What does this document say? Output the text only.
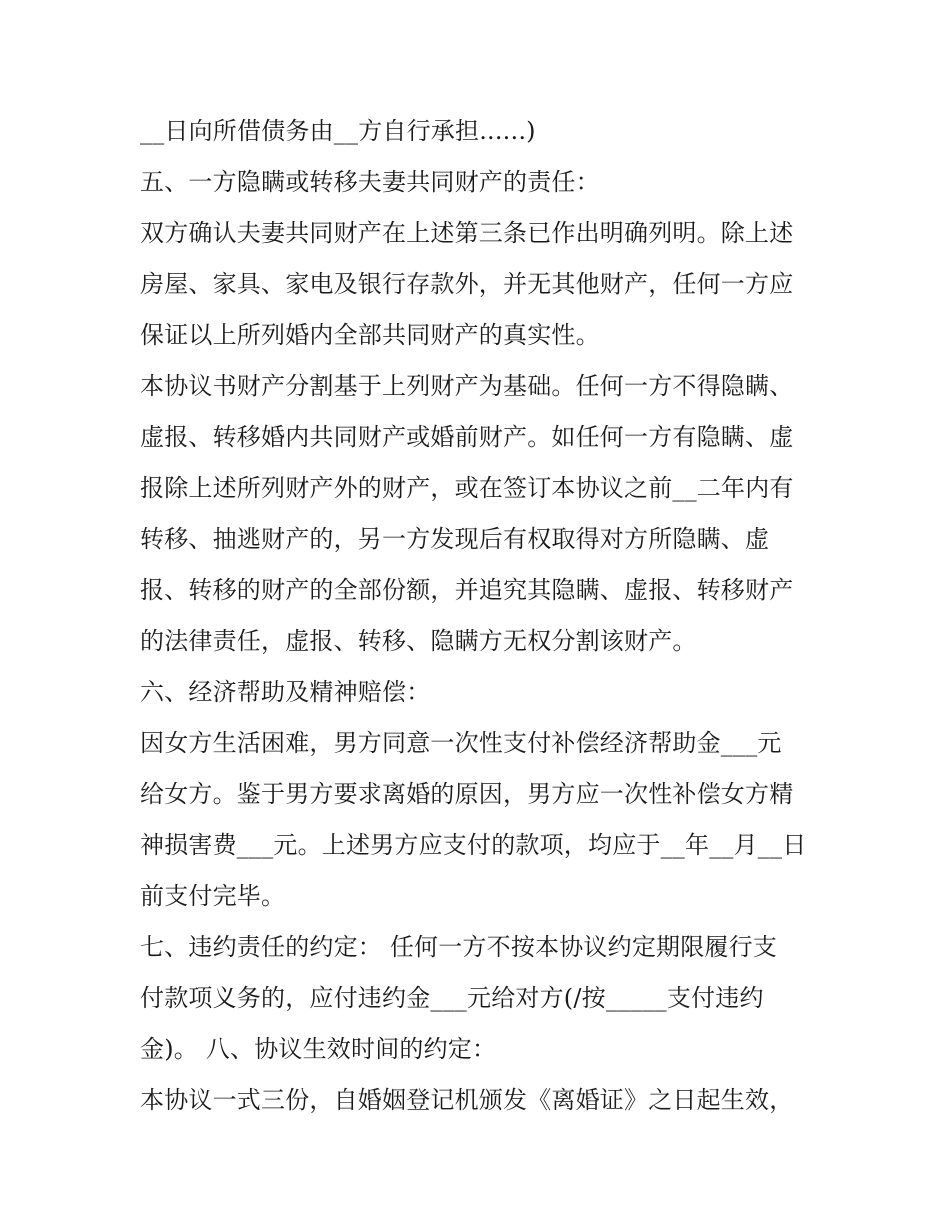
__日向所借债务由__方自行承担......)
五、一方隐瞒或转移夫妻共同财产的责任：
双方确认夫妻共同财产在上述第三条已作出明确列明。除上述
房屋、家具、家电及银行存款外，并无其他财产，任何一方应
保证以上所列婚内全部共同财产的真实性。
本协议书财产分割基于上列财产为基础。任何一方不得隐瞒、
虚报、转移婚内共同财产或婚前财产。如任何一方有隐瞒、虚
报除上述所列财产外的财产，或在签订本协议之前__二年内有
转移、抽逃财产的，另一方发现后有权取得对方所隐瞒、虚
报、转移的财产的全部份额，并追究其隐瞒、虚报、转移财产
的法律责任，虚报、转移、隐瞒方无权分割该财产。
六、经济帮助及精神赔偿：
因女方生活困难，男方同意一次性支付补偿经济帮助金___元
给女方。鉴于男方要求离婚的原因，男方应一次性补偿女方精
神损害费___元。上述男方应支付的款项，均应于__年__月__日
前支付完毕。
七、违约责任的约定： 任何一方不按本协议约定期限履行支
付款项义务的，应付违约金___元给对方(/按_____支付违约
金)。 八、协议生效时间的约定：
本协议一式三份，自婚姻登记机颁发《离婚证》之日起生效，
